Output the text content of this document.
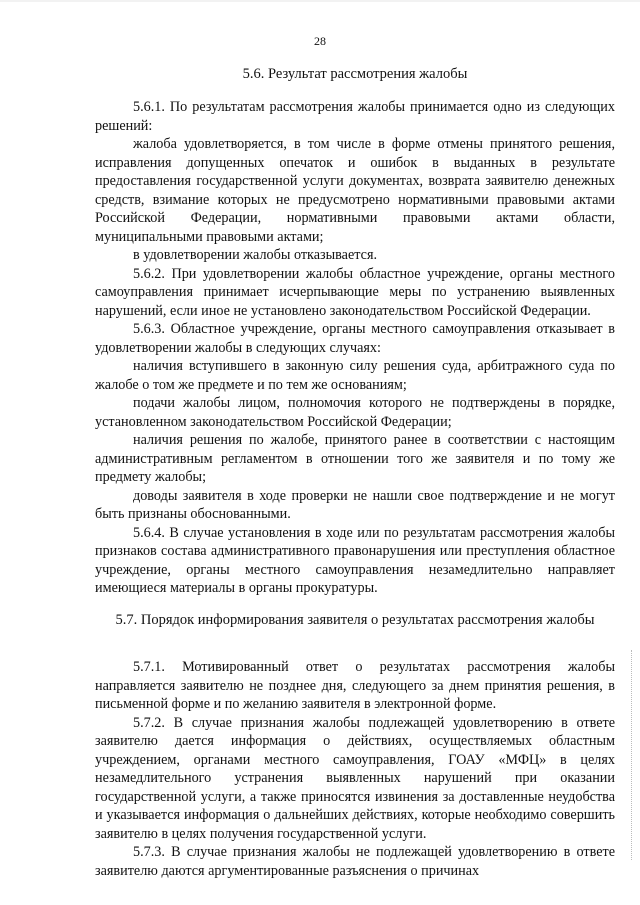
28
5.6. Результат рассмотрения жалобы

5.6.1. По результатам рассмотрения жалобы принимается одно из следующих решений:

жалоба удовлетворяется, в том числе в форме отмены принятого решения, исправления допущенных опечаток и ошибок в выданных в результате предоставления государственной услуги документах, возврата заявителю денежных средств, взимание которых не предусмотрено нормативными правовыми актами Российской Федерации, нормативными правовыми актами области, муниципальными правовыми актами;

в удовлетворении жалобы отказывается.

5.6.2. При удовлетворении жалобы областное учреждение, органы местного самоуправления принимает исчерпывающие меры по устранению выявленных нарушений, если иное не установлено законодательством Российской Федерации.

5.6.3. Областное учреждение, органы местного самоуправления отказывает в удовлетворении жалобы в следующих случаях:

наличия вступившего в законную силу решения суда, арбитражного суда по жалобе о том же предмете и по тем же основаниям;

подачи жалобы лицом, полномочия которого не подтверждены в порядке, установленном законодательством Российской Федерации;

наличия решения по жалобе, принятого ранее в соответствии с настоящим административным регламентом в отношении того же заявителя и по тому же предмету жалобы;

доводы заявителя в ходе проверки не нашли свое подтверждение и не могут быть признаны обоснованными.

5.6.4. В случае установления в ходе или по результатам рассмотрения жалобы признаков состава административного правонарушения или преступления областное учреждение, органы местного самоуправления незамедлительно направляет имеющиеся материалы в органы прокуратуры.

5.7. Порядок информирования заявителя о результатах рассмотрения жалобы

5.7.1. Мотивированный ответ о результатах рассмотрения жалобы направляется заявителю не позднее дня, следующего за днем принятия решения, в письменной форме и по желанию заявителя в электронной форме.

5.7.2. В случае признания жалобы подлежащей удовлетворению в ответе заявителю дается информация о действиях, осуществляемых областным учреждением, органами местного самоуправления, ГОАУ «МФЦ» в целях незамедлительного устранения выявленных нарушений при оказании государственной услуги, а также приносятся извинения за доставленные неудобства и указывается информация о дальнейших действиях, которые необходимо совершить заявителю в целях получения государственной услуги.

5.7.3. В случае признания жалобы не подлежащей удовлетворению в ответе заявителю даются аргументированные разъяснения о причинах
